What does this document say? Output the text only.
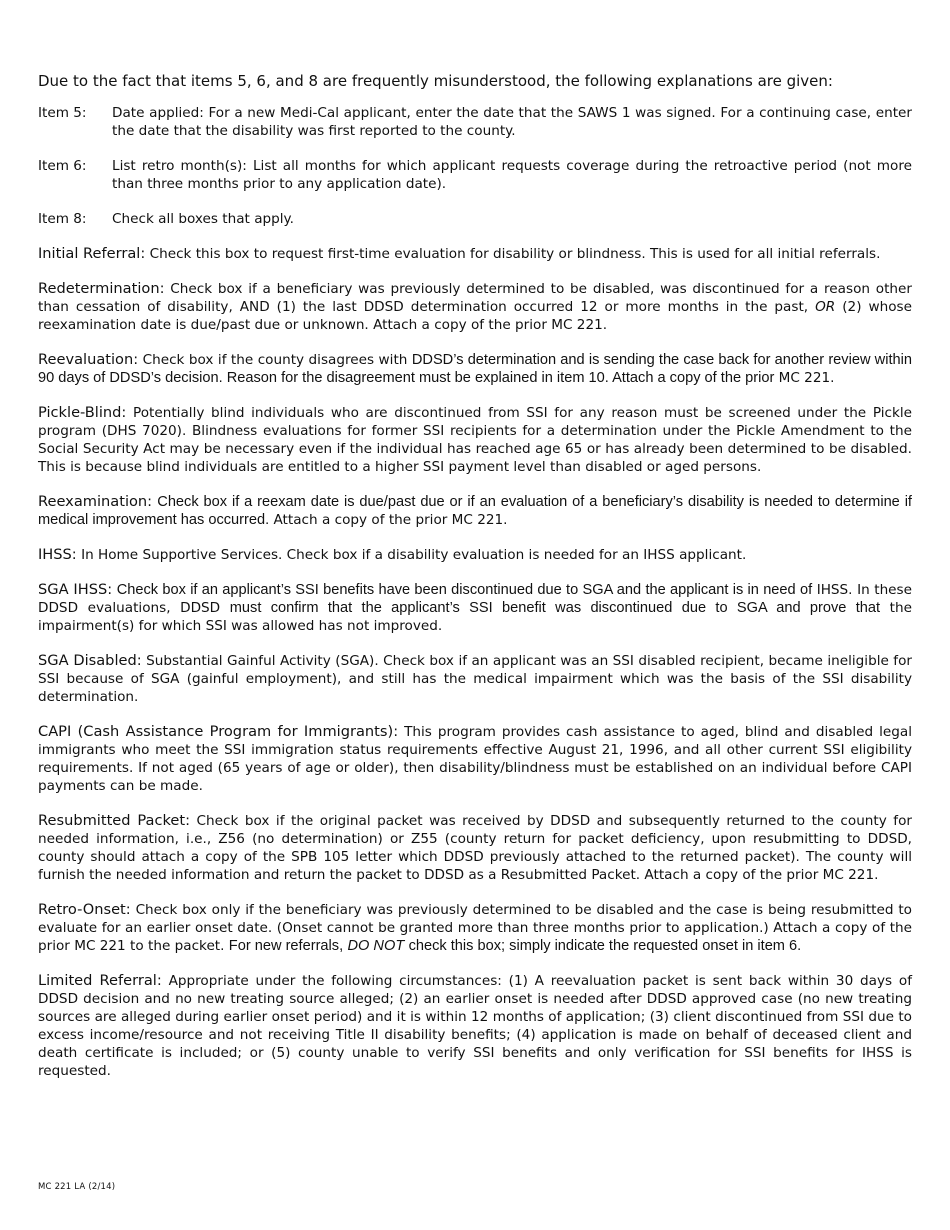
Due to the fact that items 5, 6, and 8 are frequently misunderstood, the following explanations are given:

Item 5:	Date applied: For a new Medi-Cal applicant, enter the date that the SAWS 1 was signed. For a continuing case, enter the date that the disability was first reported to the county.
Item 6:	List retro month(s): List all months for which applicant requests coverage during the retroactive period (not more than three months prior to any application date).
Item 8:	Check all boxes that apply.

Initial Referral: Check this box to request first-time evaluation for disability or blindness. This is used for all initial referrals.

Redetermination: Check box if a beneficiary was previously determined to be disabled, was discontinued for a reason other than cessation of disability, AND (1) the last DDSD determination occurred 12 or more months in the past, OR (2) whose reexamination date is due/past due or unknown. Attach a copy of the prior MC 221.

Reevaluation: Check box if the county disagrees with DDSD’s determination and is sending the case back for another review within 90 days of DDSD’s decision. Reason for the disagreement must be explained in item 10. Attach a copy of the prior MC 221.

Pickle-Blind: Potentially blind individuals who are discontinued from SSI for any reason must be screened under the Pickle program (DHS 7020). Blindness evaluations for former SSI recipients for a determination under the Pickle Amendment to the Social Security Act may be necessary even if the individual has reached age 65 or has already been determined to be disabled. This is because blind individuals are entitled to a higher SSI payment level than disabled or aged persons.

Reexamination: Check box if a reexam date is due/past due or if an evaluation of a beneficiary’s disability is needed to determine if medical improvement has occurred. Attach a copy of the prior MC 221.

IHSS: In Home Supportive Services. Check box if a disability evaluation is needed for an IHSS applicant.

SGA IHSS: Check box if an applicant’s SSI benefits have been discontinued due to SGA and the applicant is in need of IHSS. In these DDSD evaluations, DDSD must confirm that the applicant’s SSI benefit was discontinued due to SGA and prove that the impairment(s) for which SSI was allowed has not improved.

SGA Disabled: Substantial Gainful Activity (SGA). Check box if an applicant was an SSI disabled recipient, became ineligible for SSI because of SGA (gainful employment), and still has the medical impairment which was the basis of the SSI disability determination.

CAPI (Cash Assistance Program for Immigrants): This program provides cash assistance to aged, blind and disabled legal immigrants who meet the SSI immigration status requirements effective August 21, 1996, and all other current SSI eligibility requirements. If not aged (65 years of age or older), then disability/blindness must be established on an individual before CAPI payments can be made.

Resubmitted Packet: Check box if the original packet was received by DDSD and subsequently returned to the county for needed information, i.e., Z56 (no determination) or Z55 (county return for packet deficiency, upon resubmitting to DDSD, county should attach a copy of the SPB 105 letter which DDSD previously attached to the returned packet). The county will furnish the needed information and return the packet to DDSD as a Resubmitted Packet. Attach a copy of the prior MC 221.

Retro-Onset: Check box only if the beneficiary was previously determined to be disabled and the case is being resubmitted to evaluate for an earlier onset date. (Onset cannot be granted more than three months prior to application.) Attach a copy of the prior MC 221 to the packet. For new referrals, DO NOT check this box; simply indicate the requested onset in item 6.

Limited Referral: Appropriate under the following circumstances: (1) A reevaluation packet is sent back within 30 days of DDSD decision and no new treating source alleged; (2) an earlier onset is needed after DDSD approved case (no new treating sources are alleged during earlier onset period) and it is within 12 months of application; (3) client discontinued from SSI due to excess income/resource and not receiving Title II disability benefits; (4) application is made on behalf of deceased client and death certificate is included; or (5) county unable to verify SSI benefits and only verification for SSI benefits for IHSS is requested.

MC 221 LA (2/14)
